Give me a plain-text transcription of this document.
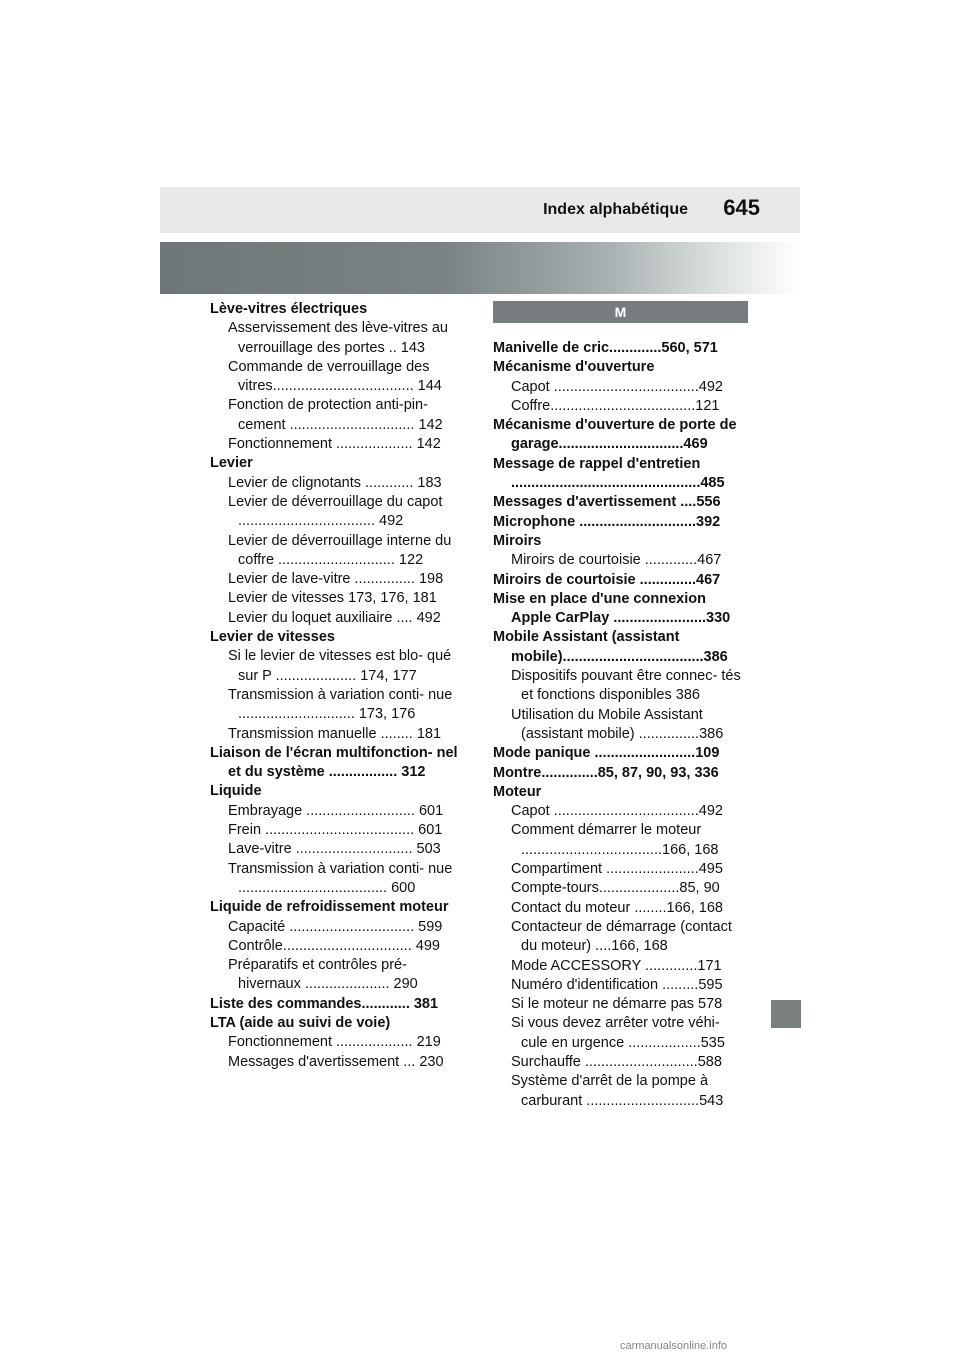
Index alphabétique 645
Lève-vitres électriques
Asservissement des lève-vitres au verrouillage des portes .. 143
Commande de verrouillage des vitres................................... 144
Fonction de protection anti-pin- cement ............................... 142
Fonctionnement ................... 142
Levier
Levier de clignotants ............ 183
Levier de déverrouillage du capot .................................. 492
Levier de déverrouillage interne du coffre ............................. 122
Levier de lave-vitre ............... 198
Levier de vitesses 173, 176, 181
Levier du loquet auxiliaire .... 492
Levier de vitesses
Si le levier de vitesses est blo- qué sur P .................... 174, 177
Transmission à variation conti- nue ............................. 173, 176
Transmission manuelle ........ 181
Liaison de l'écran multifonction- nel et du système ................. 312
Liquide
Embrayage ........................... 601
Frein ..................................... 601
Lave-vitre ............................. 503
Transmission à variation conti- nue ..................................... 600
Liquide de refroidissement moteur
Capacité ............................... 599
Contrôle................................ 499
Préparatifs et contrôles pré-hivernaux ..................... 290
Liste des commandes............ 381
LTA (aide au suivi de voie)
Fonctionnement ................... 219
Messages d'avertissement ... 230
M
Manivelle de cric.............560, 571
Mécanisme d'ouverture
Capot ....................................492
Coffre....................................121
Mécanisme d'ouverture de porte de garage...............................469
Message de rappel d'entretien ...............................................485
Messages d'avertissement ....556
Microphone .............................392
Miroirs
Miroirs de courtoisie .............467
Miroirs de courtoisie ..............467
Mise en place d'une connexion Apple CarPlay .......................330
Mobile Assistant (assistant mobile)...................................386
Dispositifs pouvant être connec- tés et fonctions disponibles 386
Utilisation du Mobile Assistant (assistant mobile) ...............386
Mode panique .........................109
Montre..............85, 87, 90, 93, 336
Moteur
Capot ....................................492
Comment démarrer le moteur ...................................166, 168
Compartiment .......................495
Compte-tours....................85, 90
Contact du moteur ........166, 168
Contacteur de démarrage (contact du moteur) ....166, 168
Mode ACCESSORY .............171
Numéro d'identification .........595
Si le moteur ne démarre pas 578
Si vous devez arrêter votre véhi- cule en urgence ..................535
Surchauffe ............................588
Système d'arrêt de la pompe à carburant ............................543
carmanualsonline.info
